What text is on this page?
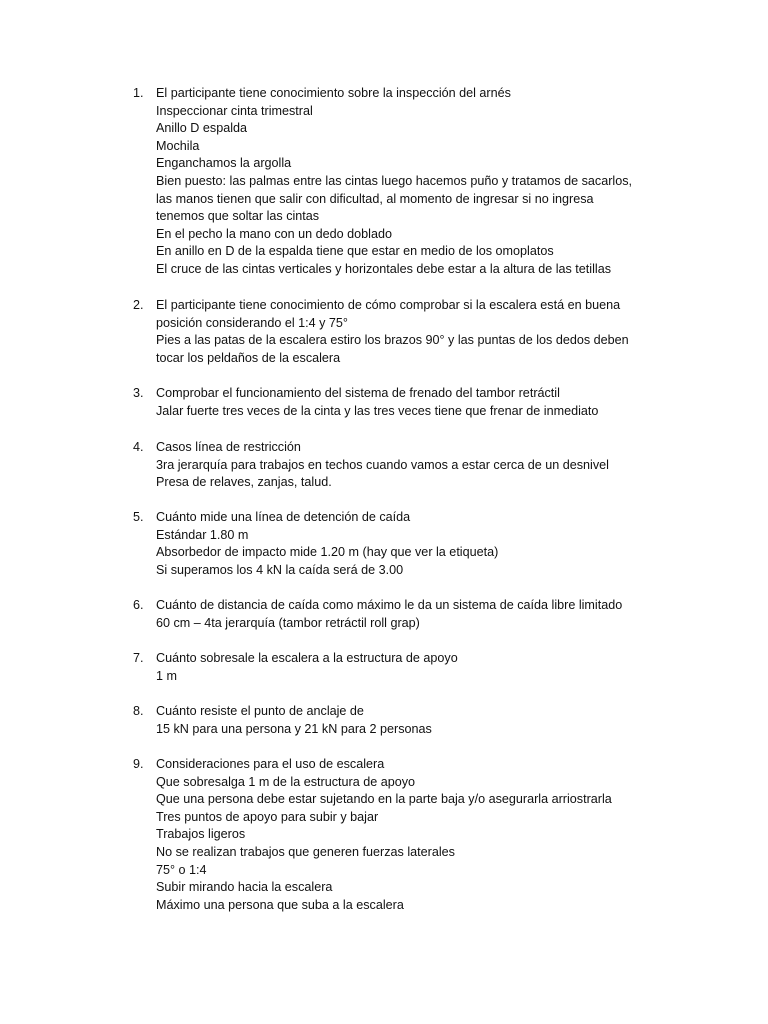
1. El participante tiene conocimiento sobre la inspección del arnés
Inspeccionar cinta trimestral
Anillo D espalda
Mochila
Enganchamos la argolla
Bien puesto: las palmas entre las cintas luego hacemos puño y tratamos de sacarlos,
las manos tienen que salir con dificultad, al momento de ingresar si no ingresa
tenemos que soltar las cintas
En el pecho la mano con un dedo doblado
En anillo en D de la espalda tiene que estar en medio de los omoplatos
El cruce de las cintas verticales y horizontales debe estar a la altura de las tetillas
2. El participante tiene conocimiento de cómo comprobar si la escalera está en buena
posición considerando el 1:4 y 75°
Pies a las patas de la escalera estiro los brazos 90° y las puntas de los dedos deben
tocar los peldaños de la escalera
3. Comprobar el funcionamiento del sistema de frenado del tambor retráctil
Jalar fuerte tres veces de la cinta y las tres veces tiene que frenar de inmediato
4. Casos línea de restricción
3ra jerarquía para trabajos en techos cuando vamos a estar cerca de un desnivel
Presa de relaves, zanjas, talud.
5. Cuánto mide una línea de detención de caída
Estándar 1.80 m
Absorbedor de impacto mide 1.20 m (hay que ver la etiqueta)
Si superamos los 4 kN la caída será de 3.00
6. Cuánto de distancia de caída como máximo le da un sistema de caída libre limitado
60 cm – 4ta jerarquía (tambor retráctil roll grap)
7. Cuánto sobresale la escalera a la estructura de apoyo
1 m
8. Cuánto resiste el punto de anclaje de
15 kN para una persona y 21 kN para 2 personas
9. Consideraciones para el uso de escalera
Que sobresalga 1 m de la estructura de apoyo
Que una persona debe estar sujetando en la parte baja y/o asegurarla arriostrarla
Tres puntos de apoyo para subir y bajar
Trabajos ligeros
No se realizan trabajos que generen fuerzas laterales
75° o 1:4
Subir mirando hacia la escalera
Máximo una persona que suba a la escalera
